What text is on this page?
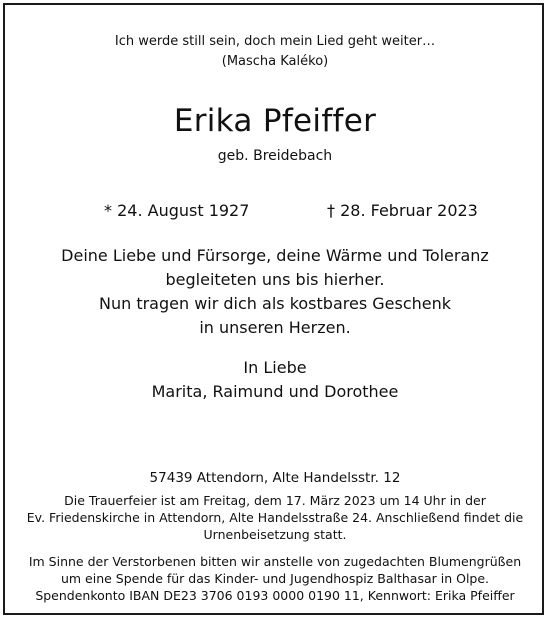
Ich werde still sein, doch mein Lied geht weiter…
(Mascha Kaléko)
Erika Pfeiffer
geb. Breidebach
* 24. August 1927	† 28. Februar 2023
Deine Liebe und Fürsorge, deine Wärme und Toleranz
begleiteten uns bis hierher.
Nun tragen wir dich als kostbares Geschenk
in unseren Herzen.
In Liebe
Marita, Raimund und Dorothee
57439 Attendorn, Alte Handelsstr. 12
Die Trauerfeier ist am Freitag, dem 17. März 2023 um 14 Uhr in der
Ev. Friedenskirche in Attendorn, Alte Handelsstraße 24. Anschließend findet die
Urnenbeisetzung statt.
Im Sinne der Verstorbenen bitten wir anstelle von zugedachten Blumengrüßen
um eine Spende für das Kinder- und Jugendhospiz Balthasar in Olpe.
Spendenkonto IBAN DE23 3706 0193 0000 0190 11, Kennwort: Erika Pfeiffer
